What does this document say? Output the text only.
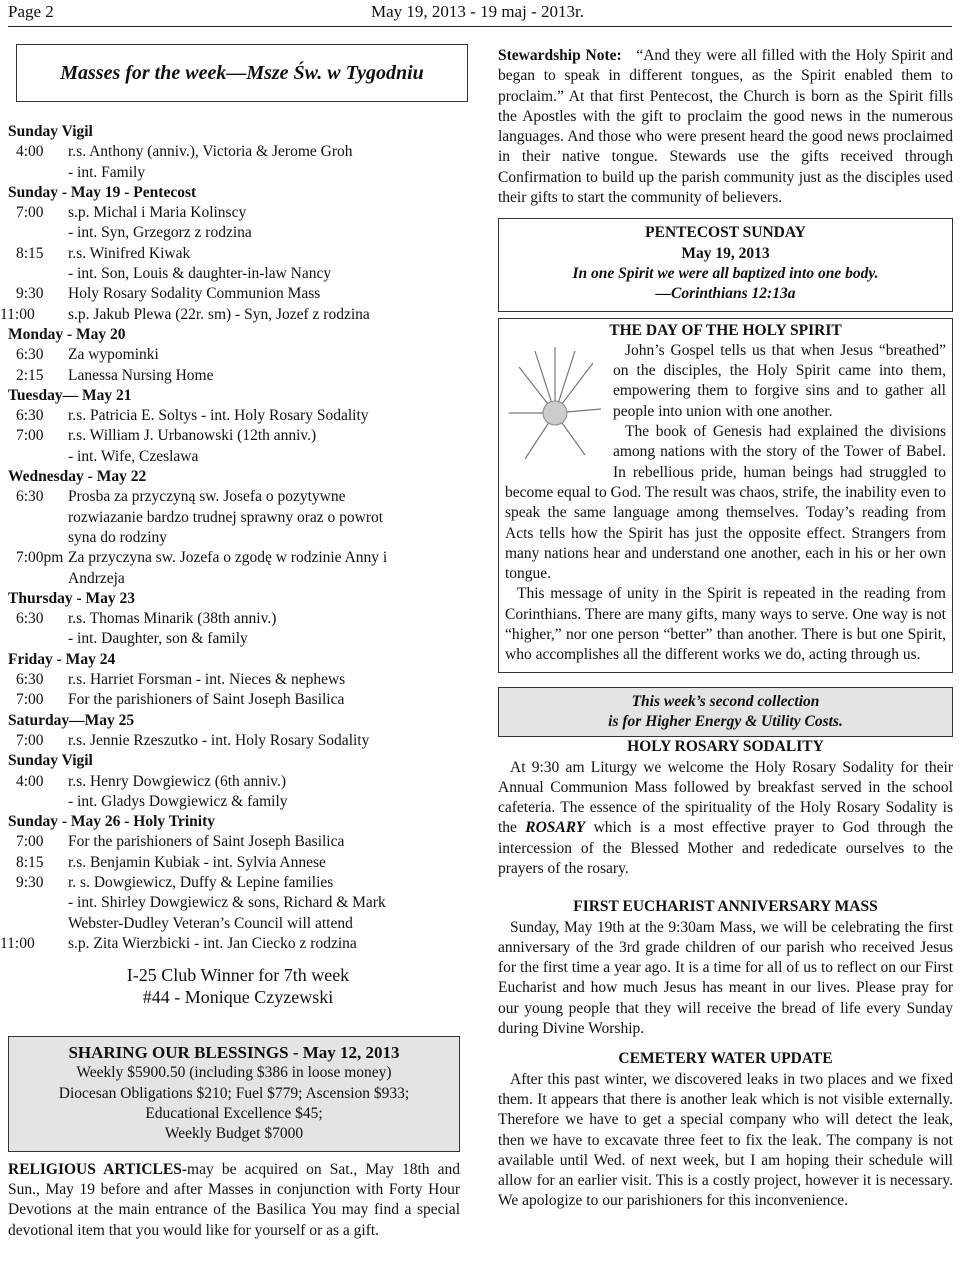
Page 2	May 19, 2013 - 19 maj - 2013r.
Masses for the week—Msze Św. w Tygodniu
Sunday Vigil
4:00	r.s. Anthony (anniv.), Victoria & Jerome Groh
- int. Family
Sunday - May 19 - Pentecost
7:00	s.p. Michal i Maria Kolinscy
- int. Syn, Grzegorz z rodzina
8:15	r.s. Winifred Kiwak
- int. Son, Louis & daughter-in-law Nancy
9:30	Holy Rosary Sodality Communion Mass
11:00	s.p. Jakub Plewa (22r. sm) - Syn, Jozef z rodzina
Monday - May 20
6:30	Za wypominki
2:15	Lanessa Nursing Home
Tuesday— May 21
6:30	r.s. Patricia E. Soltys - int. Holy Rosary Sodality
7:00	r.s. William J. Urbanowski (12th anniv.)
- int. Wife, Czeslawa
Wednesday - May 22
6:30	Prosba za przyczyną sw. Josefa o pozytywne
rozwiazanie bardzo trudnej sprawny oraz o powrot
syna do rodziny
7:00pm Za przyczyna sw. Jozefa o zgodę w rodzinie Anny i
Andrzeja
Thursday - May 23
6:30	r.s. Thomas Minarik (38th anniv.)
- int. Daughter, son & family
Friday - May 24
6:30	r.s. Harriet Forsman - int. Nieces & nephews
7:00	For the parishioners of Saint Joseph Basilica
Saturday—May 25
7:00	r.s. Jennie Rzeszutko - int. Holy Rosary Sodality
Sunday Vigil
4:00	r.s. Henry Dowgiewicz (6th anniv.)
- int. Gladys Dowgiewicz & family
Sunday - May 26 - Holy Trinity
7:00	For the parishioners of Saint Joseph Basilica
8:15	r.s. Benjamin Kubiak - int. Sylvia Annese
9:30	r. s. Dowgiewicz, Duffy & Lepine families
- int. Shirley Dowgiewicz & sons, Richard & Mark
Webster-Dudley Veteran’s Council will attend
11:00	s.p. Zita Wierzbicki - int. Jan Ciecko z rodzina
I-25 Club Winner for 7th week
#44 - Monique Czyzewski
SHARING OUR BLESSINGS - May 12, 2013
Weekly $5900.50 (including $386 in loose money)
Diocesan Obligations $210; Fuel $779; Ascension $933;
Educational Excellence $45;
Weekly Budget $7000
RELIGIOUS ARTICLES-may be acquired on Sat., May 18th and Sun., May 19 before and after Masses in conjunction with Forty Hour Devotions at the main entrance of the Basilica You may find a special devotional item that you would like for yourself or as a gift.
Stewardship Note: “And they were all filled with the Holy Spirit and began to speak in different tongues, as the Spirit enabled them to proclaim.” At that first Pentecost, the Church is born as the Spirit fills the Apostles with the gift to proclaim the good news in the numerous languages. And those who were present heard the good news proclaimed in their native tongue. Stewards use the gifts received through Confirmation to build up the parish community just as the disciples used their gifts to start the community of believers.
PENTECOST SUNDAY
May 19, 2013
In one Spirit we were all baptized into one body.
—Corinthians 12:13a
THE DAY OF THE HOLY SPIRIT

John’s Gospel tells us that when Jesus “breathed” on the disciples, the Holy Spirit came into them, empowering them to forgive sins and to gather all people into union with one another.

The book of Genesis had explained the divisions among nations with the story of the Tower of Babel. In rebellious pride, human beings had struggled to become equal to God. The result was chaos, strife, the inability even to speak the same language among themselves. Today’s reading from Acts tells how the Spirit has just the opposite effect. Strangers from many nations hear and understand one another, each in his or her own tongue.

This message of unity in the Spirit is repeated in the reading from Corinthians. There are many gifts, many ways to serve. One way is not “higher,” nor one person “better” than another. There is but one Spirit, who accomplishes all the different works we do, acting through us.

This week’s second collection
is for Higher Energy & Utility Costs.
HOLY ROSARY SODALITY

At 9:30 am Liturgy we welcome the Holy Rosary Sodality for their Annual Communion Mass followed by breakfast served in the school cafeteria. The essence of the spirituality of the Holy Rosary Sodality is the ROSARY which is a most effective prayer to God through the intercession of the Blessed Mother and rededicate ourselves to the prayers of the rosary.

FIRST EUCHARIST ANNIVERSARY MASS

Sunday, May 19th at the 9:30am Mass, we will be celebrating the first anniversary of the 3rd grade children of our parish who received Jesus for the first time a year ago. It is a time for all of us to reflect on our First Eucharist and how much Jesus has meant in our lives. Please pray for our young people that they will receive the bread of life every Sunday during Divine Worship.

CEMETERY WATER UPDATE

After this past winter, we discovered leaks in two places and we fixed them. It appears that there is another leak which is not visible externally. Therefore we have to get a special company who will detect the leak, then we have to excavate three feet to fix the leak. The company is not available until Wed. of next week, but I am hoping their schedule will allow for an earlier visit. This is a costly project, however it is necessary. We apologize to our parishioners for this inconvenience.
